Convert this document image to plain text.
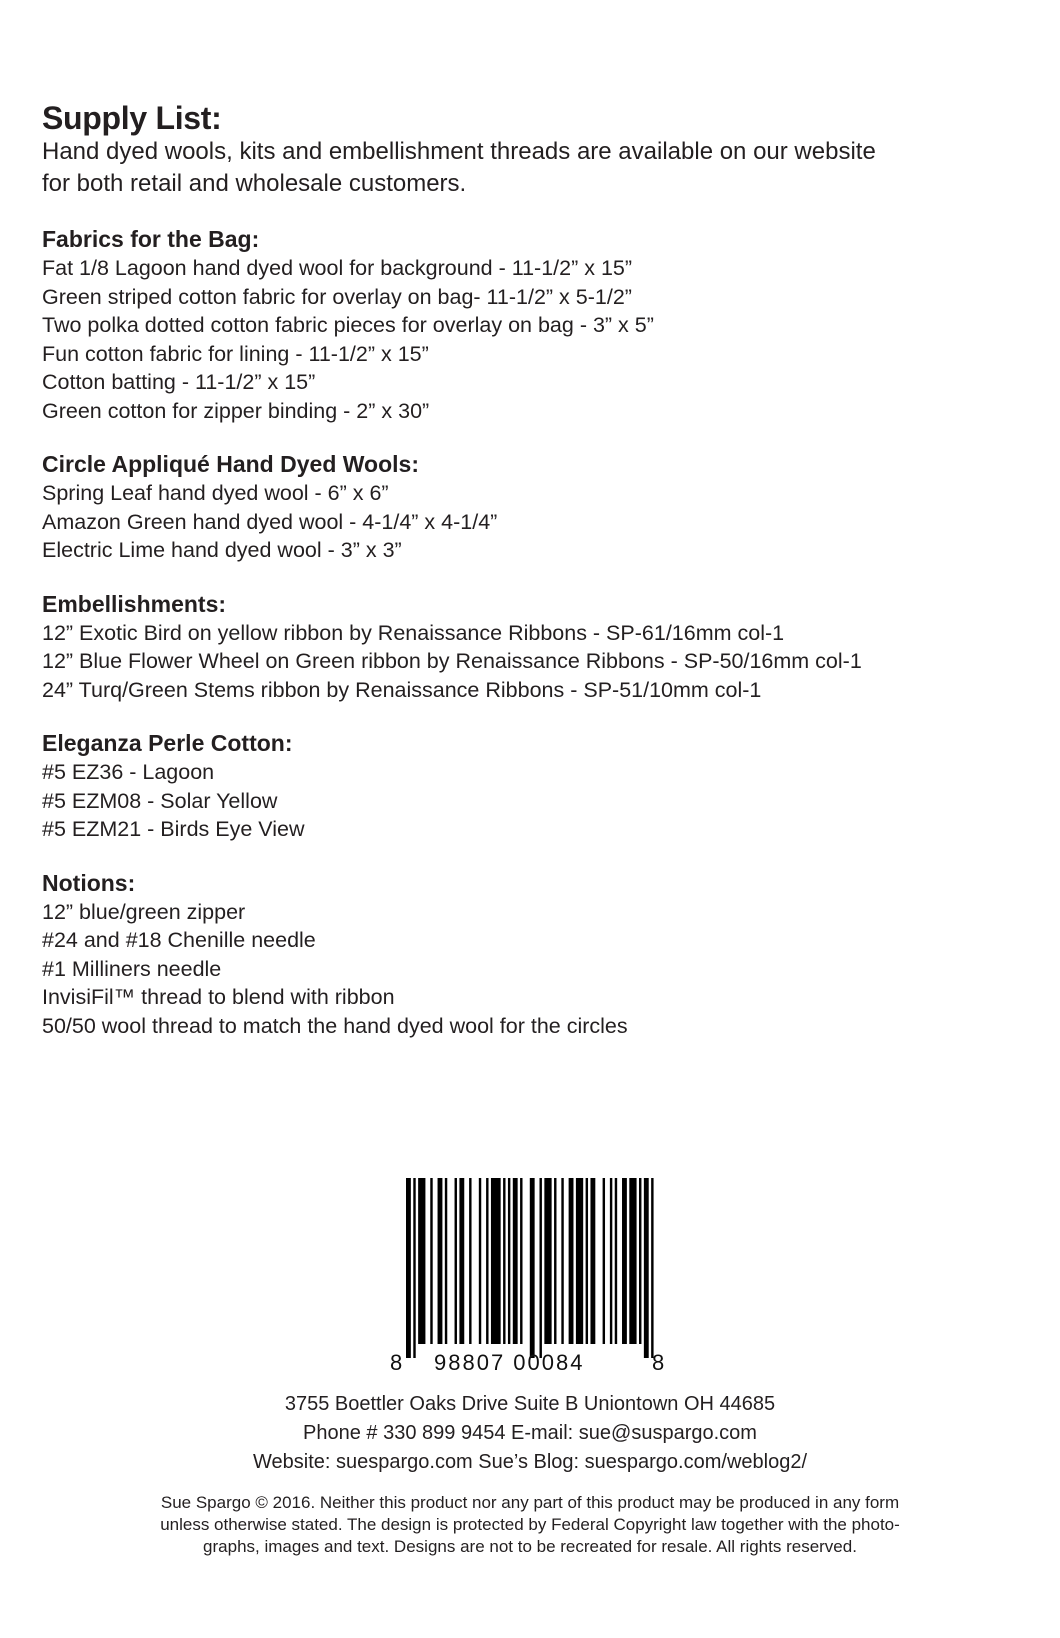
Supply List:

Hand dyed wools, kits and embellishment threads are available on our website
for both retail and wholesale customers.

Fabrics for the Bag:

Fat 1/8 Lagoon hand dyed wool for background - 11-1/2” x 15”

Green striped cotton fabric for overlay on bag- 11-1/2” x 5-1/2”

Two polka dotted cotton fabric pieces for overlay on bag - 3” x 5”

Fun cotton fabric for lining - 11-1/2” x 15”

Cotton batting - 11-1/2” x 15”

Green cotton for zipper binding - 2” x 30”

Circle Appliqué Hand Dyed Wools:

Spring Leaf hand dyed wool - 6” x 6”

Amazon Green hand dyed wool - 4-1/4” x 4-1/4”

Electric Lime hand dyed wool - 3” x 3”

Embellishments:

12” Exotic Bird on yellow ribbon by Renaissance Ribbons - SP-61/16mm col-1

12” Blue Flower Wheel on Green ribbon by Renaissance Ribbons - SP-50/16mm col-1

24” Turq/Green Stems ribbon by Renaissance Ribbons - SP-51/10mm col-1

Eleganza Perle Cotton:

#5 EZ36 - Lagoon

#5 EZM08 - Solar Yellow

#5 EZM21 - Birds Eye View

Notions:

12” blue/green zipper

#24 and #18 Chenille needle

#1 Milliners needle

InvisiFil™ thread to blend with ribbon

50/50 wool thread to match the hand dyed wool for the circles

8 98807 00084	8

3755 Boettler Oaks Drive Suite B Uniontown OH 44685

Phone # 330 899 9454 E-mail: sue@suspargo.com

Website: suespargo.com Sue’s Blog: suespargo.com/weblog2/

Sue Spargo © 2016. Neither this product nor any part of this product may be produced in any form

unless otherwise stated. The design is protected by Federal Copyright law together with the photo-

graphs, images and text. Designs are not to be recreated for resale. All rights reserved.
